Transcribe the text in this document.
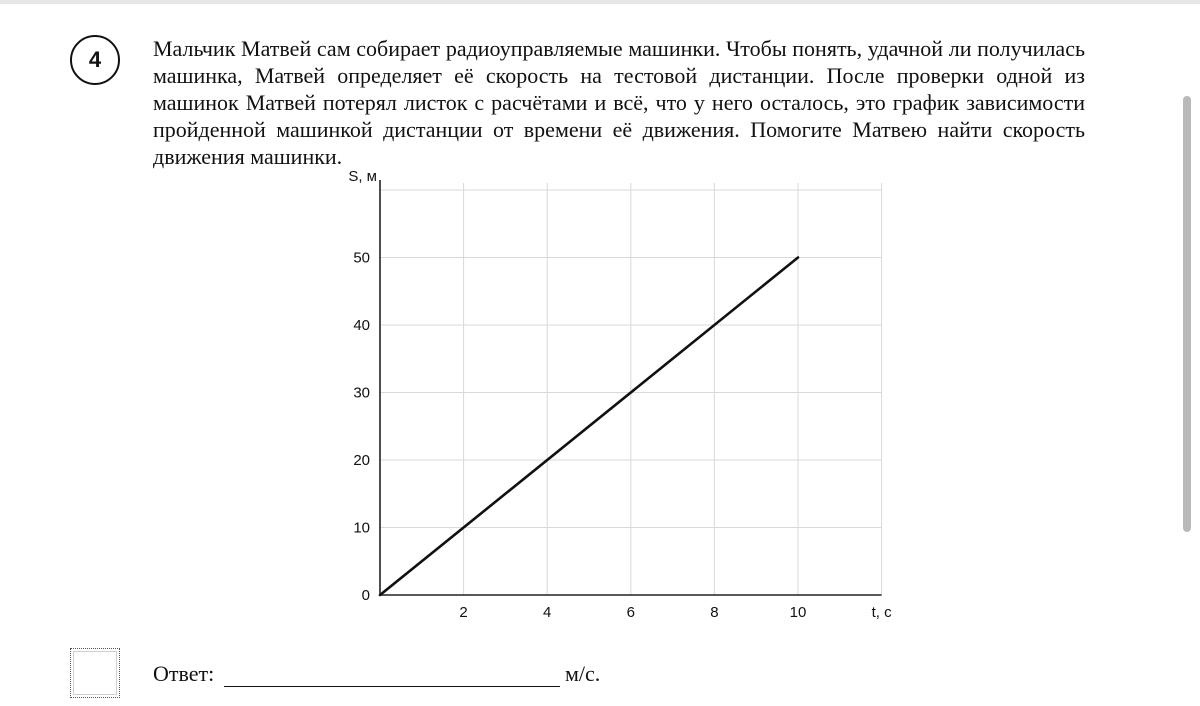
4 Мальчик Матвей сам собирает радиоуправляемые машинки. Чтобы понять, удачной ли получилась машинка, Матвей определяет её скорость на тестовой дистанции. После проверки одной из машинок Матвей потерял листок с расчётами и всё, что у него осталось, это график зависимости пройденной машинкой дистанции от времени её движения. Помогите Матвею найти скорость движения машинки.

S, м
t, c
2	4	6	8	10
10
20
30
40
50
0
Ответ:	м/с.
